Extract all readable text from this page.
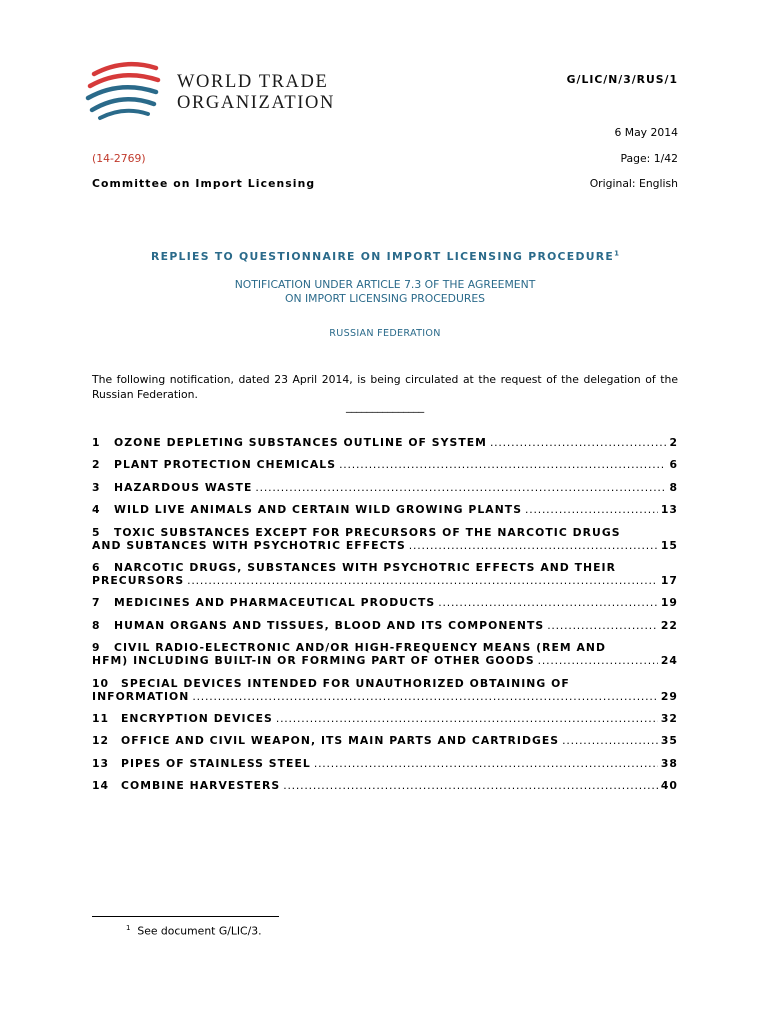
WORLD TRADE
ORGANIZATION
G/LIC/N/3/RUS/1
6 May 2014
Page: 1/42
Original: English
(14-2769)
Committee on Import Licensing
REPLIES TO QUESTIONNAIRE ON IMPORT LICENSING PROCEDURE$^1$
NOTIFICATION UNDER ARTICLE 7.3 OF THE AGREEMENT
ON IMPORT LICENSING PROCEDURES
RUSSIAN FEDERATION
The following notification, dated 23 April 2014, is being circulated at the request of the delegation of the Russian Federation.
_______________
1	OZONE DEPLETING SUBSTANCES OUTLINE OF SYSTEM .....	2
2	PLANT PROTECTION CHEMICALS .....	6
3	HAZARDOUS WASTE .....	8
4	WILD LIVE ANIMALS AND CERTAIN WILD GROWING PLANTS .....	13
5	TOXIC SUBSTANCES EXCEPT FOR PRECURSORS OF THE NARCOTIC DRUGS
AND SUBTANCES WITH PSYCHOTRIC EFFECTS .....	15
6	NARCOTIC DRUGS, SUBSTANCES WITH PSYCHOTRIC EFFECTS AND THEIR
PRECURSORS .....	17
7	MEDICINES AND PHARMACEUTICAL PRODUCTS .....	19
8	HUMAN ORGANS AND TISSUES, BLOOD AND ITS COMPONENTS .....	22
9	CIVIL RADIO-ELECTRONIC AND/OR HIGH-FREQUENCY MEANS (REM AND
HFM) INCLUDING BUILT-IN OR FORMING PART OF OTHER GOODS .....	24
10	SPECIAL DEVICES INTENDED FOR UNAUTHORIZED OBTAINING OF
INFORMATION .....	29
11	ENCRYPTION DEVICES .....	32
12	OFFICE AND CIVIL WEAPON, ITS MAIN PARTS AND CARTRIDGES .....	35
13	PIPES OF STAINLESS STEEL .....	38
14	COMBINE HARVESTERS .....	40
$^1$ See document G/LIC/3.
